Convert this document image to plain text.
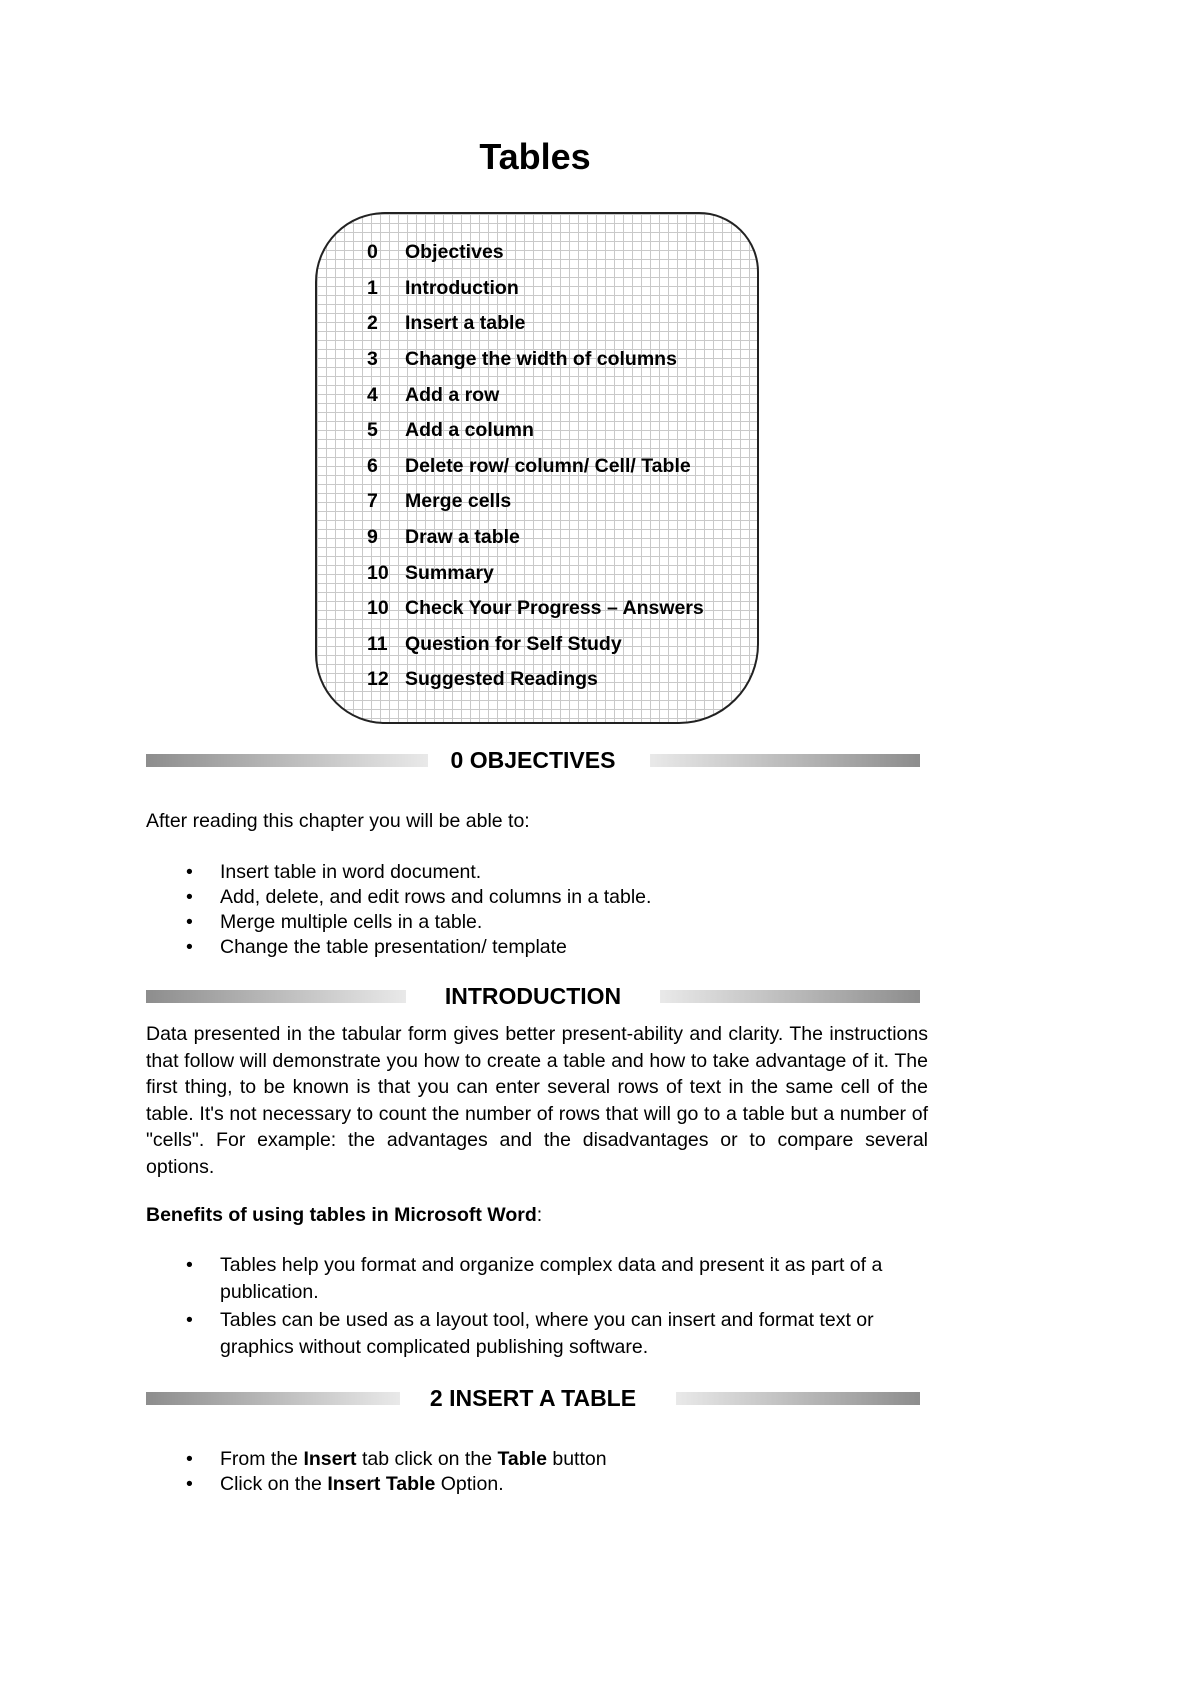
Tables
0	Objectives
1	Introduction
2	Insert a table
3	Change the width of columns
4	Add a row
5	Add a column
6	Delete row/ column/ Cell/ Table
7	Merge cells
9	Draw a table
10 Summary
10 Check Your Progress – Answers
11 Question for Self Study
12 Suggested Readings
0 OBJECTIVES

After reading this chapter you will be able to:

• Insert table in word document.
• Add, delete, and edit rows and columns in a table.
• Merge multiple cells in a table.
• Change the table presentation/ template
INTRODUCTION

Data presented in the tabular form gives better present-ability and clarity. The instructions that follow will demonstrate you how to create a table and how to take advantage of it. The first thing, to be known is that you can enter several rows of text in the same cell of the table. It's not necessary to count the number of rows that will go to a table but a number of "cells". For example: the advantages and the disadvantages or to compare several options.

Benefits of using tables in Microsoft Word:

• Tables help you format and organize complex data and present it as part of a publication.
• Tables can be used as a layout tool, where you can insert and format text or graphics without complicated publishing software.
2 INSERT A TABLE
• From the Insert tab click on the Table button
• Click on the Insert Table Option.
